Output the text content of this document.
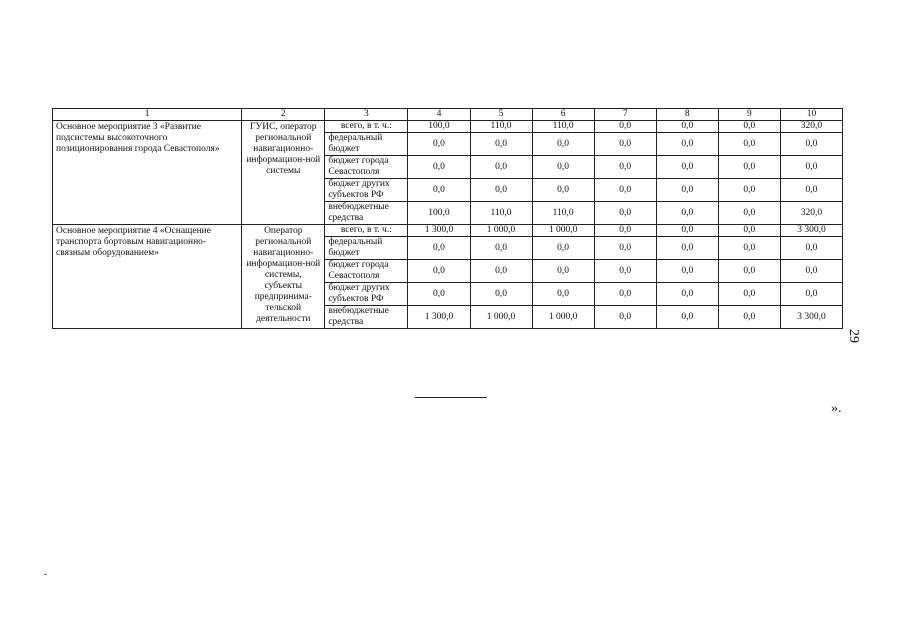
1	2	3	4	5	6	7	8	9	10
Основное мероприятие 3 «Развитие подсистемы высокоточного позиционирования города Севастополя»	ГУИС, оператор региональной навигационно-информацион-ной системы	всего, в т. ч.:	100,0	110,0	110,0	0,0	0,0	0,0	320,0
		федеральный бюджет	0,0	0,0	0,0	0,0	0,0	0,0	0,0
		бюджет города Севастополя	0,0	0,0	0,0	0,0	0,0	0,0	0,0
		бюджет других субъектов РФ	0,0	0,0	0,0	0,0	0,0	0,0	0,0
		внебюджетные средства	100,0	110,0	110,0	0,0	0,0	0,0	320,0
Основное мероприятие 4 «Оснащение транспорта бортовым навигационно-связным оборудованием»	Оператор региональной навигационно-информацион-ной системы, субъекты предпринима-тельской деятельности	всего, в т. ч.:	1 300,0	1 000,0	1 000,0	0,0	0,0	0,0	3 300,0
		федеральный бюджет	0,0	0,0	0,0	0,0	0,0	0,0	0,0
		бюджет города Севастополя	0,0	0,0	0,0	0,0	0,0	0,0	0,0
		бюджет других субъектов РФ	0,0	0,0	0,0	0,0	0,0	0,0	0,0
		внебюджетные средства	1 300,0	1 000,0	1 000,0	0,0	0,0	0,0	3 300,0
».
29
˘
